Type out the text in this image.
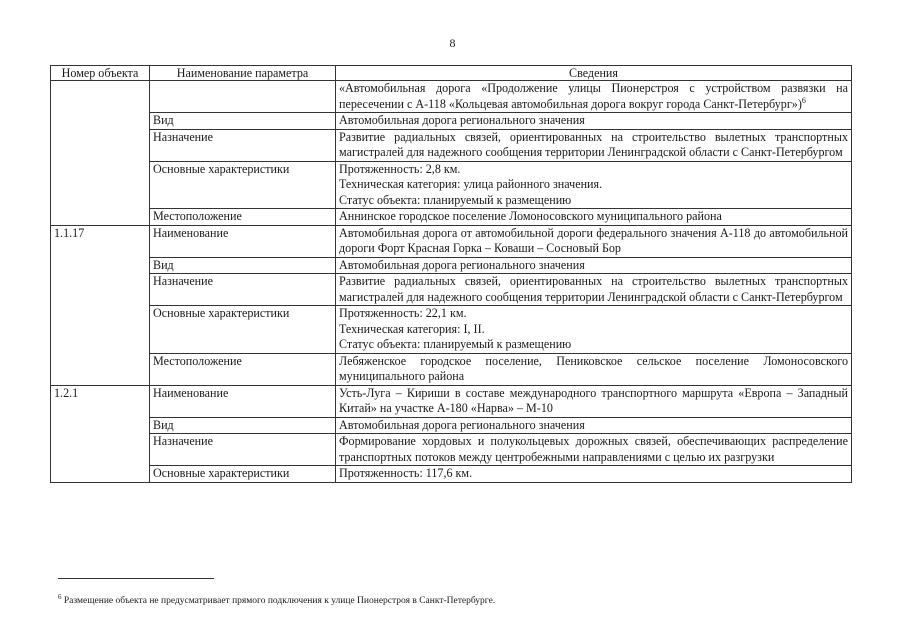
8
Номер объекта	Наименование параметра	Сведения
		«Автомобильная дорога «Продолжение улицы Пионерстроя с устройством развязки на пересечении с А-118 «Кольцевая автомобильная дорога вокруг города Санкт-Петербург»)$^6$
	Вид	Автомобильная дорога регионального значения
	Назначение	Развитие радиальных связей, ориентированных на строительство вылетных транспортных магистралей для надежного сообщения территории Ленинградской области с Санкт-Петербургом
	Основные характеристики	Протяженность: 2,8 км.
Техническая категория: улица районного значения.
Статус объекта: планируемый к размещению

	Местоположение	Аннинское городское поселение Ломоносовского муниципального района
1.1.17	Наименование	Автомобильная дорога от автомобильной дороги федерального значения А-118 до автомобильной дороги Форт Красная Горка – Коваши – Сосновый Бор
	Вид	Автомобильная дорога регионального значения
	Назначение	Развитие радиальных связей, ориентированных на строительство вылетных транспортных магистралей для надежного сообщения территории Ленинградской области с Санкт-Петербургом
	Основные характеристики	Протяженность: 22,1 км.
Техническая категория: I, II.
Статус объекта: планируемый к размещению

	Местоположение	Лебяженское городское поселение, Пениковское сельское поселение Ломоносовского муниципального района
1.2.1	Наименование	Усть-Луга – Кириши в составе международного транспортного маршрута «Европа – Западный Китай» на участке А-180 «Нарва» – М-10
	Вид	Автомобильная дорога регионального значения
	Назначение	Формирование хордовых и полукольцевых дорожных связей, обеспечивающих распределение транспортных потоков между центробежными направлениями с целью их разгрузки
	Основные характеристики	Протяженность: 117,6 км.
$^6$ Размещение объекта не предусматривает прямого подключения к улице Пионерстроя в Санкт-Петербурге.
